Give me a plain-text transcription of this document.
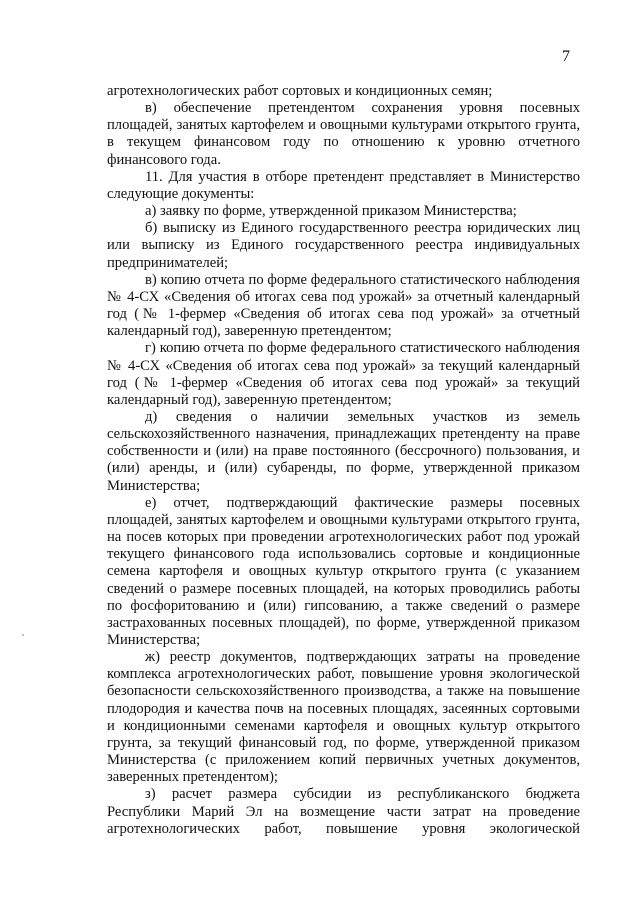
7

агротехнологических работ сортовых и кондиционных семян;

в) обеспечение претендентом сохранения уровня посевных площадей, занятых картофелем и овощными культурами открытого грунта, в текущем финансовом году по отношению к уровню отчетного финансового года.

11. Для участия в отборе претендент представляет в Министерство следующие документы:

а) заявку по форме, утвержденной приказом Министерства;

б) выписку из Единого государственного реестра юридических лиц или выписку из Единого государственного реестра индивидуальных предпринимателей;

в) копию отчета по форме федерального статистического наблюдения № 4-СХ «Сведения об итогах сева под урожай» за отчетный календарный год (№ 1-фермер «Сведения об итогах сева под урожай» за отчетный календарный год), заверенную претендентом;

г) копию отчета по форме федерального статистического наблюдения № 4-СХ «Сведения об итогах сева под урожай» за текущий календарный год (№ 1-фермер «Сведения об итогах сева под урожай» за текущий календарный год), заверенную претендентом;

д) сведения о наличии земельных участков из земель сельскохозяйственного назначения, принадлежащих претенденту на праве собственности и (или) на праве постоянного (бессрочного) пользования, и (или) аренды, и (или) субаренды, по форме, утвержденной приказом Министерства;

е) отчет, подтверждающий фактические размеры посевных площадей, занятых картофелем и овощными культурами открытого грунта, на посев которых при проведении агротехнологических работ под урожай текущего финансового года использовались сортовые и кондиционные семена картофеля и овощных культур открытого грунта (с указанием сведений о размере посевных площадей, на которых проводились работы по фосфоритованию и (или) гипсованию, а также сведений о размере застрахованных посевных площадей), по форме, утвержденной приказом Министерства;

ж) реестр документов, подтверждающих затраты на проведение комплекса агротехнологических работ, повышение уровня экологической безопасности сельскохозяйственного производства, а также на повышение плодородия и качества почв на посевных площадях, засеянных сортовыми и кондиционными семенами картофеля и овощных культур открытого грунта, за текущий финансовый год, по форме, утвержденной приказом Министерства (с приложением копий первичных учетных документов, заверенных претендентом);

з) расчет размера субсидии из республиканского бюджета Республики Марий Эл на возмещение части затрат на проведение агротехнологических работ, повышение уровня экологической
